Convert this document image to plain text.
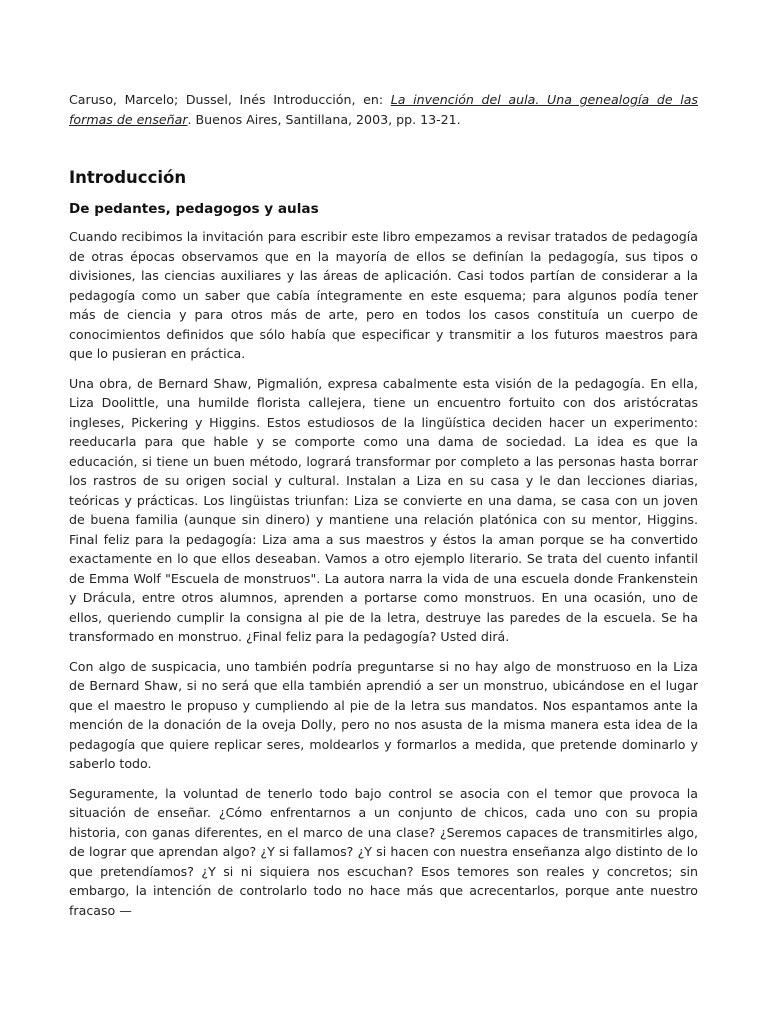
Caruso, Marcelo; Dussel, Inés Introducción, en: La invención del aula. Una genealogía de las formas de enseñar. Buenos Aires, Santillana, 2003, pp. 13-21.

Introducción
De pedantes, pedagogos y aulas

Cuando recibimos la invitación para escribir este libro empezamos a revisar tratados de pedagogía de otras épocas observamos que en la mayoría de ellos se definían la pedagogía, sus tipos o divisiones, las ciencias auxiliares y las áreas de aplicación. Casi todos partían de considerar a la pedagogía como un saber que cabía íntegramente en este esquema; para algunos podía tener más de ciencia y para otros más de arte, pero en todos los casos constituía un cuerpo de conocimientos definidos que sólo había que especificar y transmitir a los futuros maestros para que lo pusieran en práctica.

Una obra, de Bernard Shaw, Pigmalión, expresa cabalmente esta visión de la pedagogía. En ella, Liza Doolittle, una humilde florista callejera, tiene un encuentro fortuito con dos aristócratas ingleses, Pickering y Higgins. Estos estudiosos de la lingüística deciden hacer un experimento: reeducarla para que hable y se comporte como una dama de sociedad. La idea es que la educación, si tiene un buen método, logrará transformar por completo a las personas hasta borrar los rastros de su origen social y cultural. Instalan a Liza en su casa y le dan lecciones diarias, teóricas y prácticas. Los lingüistas triunfan: Liza se convierte en una dama, se casa con un joven de buena familia (aunque sin dinero) y mantiene una relación platónica con su mentor, Higgins. Final feliz para la pedagogía: Liza ama a sus maestros y éstos la aman porque se ha convertido exactamente en lo que ellos deseaban. Vamos a otro ejemplo literario. Se trata del cuento infantil de Emma Wolf "Escuela de monstruos". La autora narra la vida de una escuela donde Frankenstein y Drácula, entre otros alumnos, aprenden a portarse como monstruos. En una ocasión, uno de ellos, queriendo cumplir la consigna al pie de la letra, destruye las paredes de la escuela. Se ha transformado en monstruo. ¿Final feliz para la pedagogía? Usted dirá.

Con algo de suspicacia, uno también podría preguntarse si no hay algo de monstruoso en la Liza de Bernard Shaw, si no será que ella también aprendió a ser un monstruo, ubicándose en el lugar que el maestro le propuso y cumpliendo al pie de la letra sus mandatos. Nos espantamos ante la mención de la donación de la oveja Dolly, pero no nos asusta de la misma manera esta idea de la pedagogía que quiere replicar seres, moldearlos y formarlos a medida, que pretende dominarlo y saberlo todo.

Seguramente, la voluntad de tenerlo todo bajo control se asocia con el temor que provoca la situación de enseñar. ¿Cómo enfrentarnos a un conjunto de chicos, cada uno con su propia historia, con ganas diferentes, en el marco de una clase? ¿Seremos capaces de transmitirles algo, de lograr que aprendan algo? ¿Y si fallamos? ¿Y si hacen con nuestra enseñanza algo distinto de lo que pretendíamos? ¿Y si ni siquiera nos escuchan? Esos temores son reales y concretos; sin embargo, la intención de controlarlo todo no hace más que acrecentarlos, porque ante nuestro fracaso —
